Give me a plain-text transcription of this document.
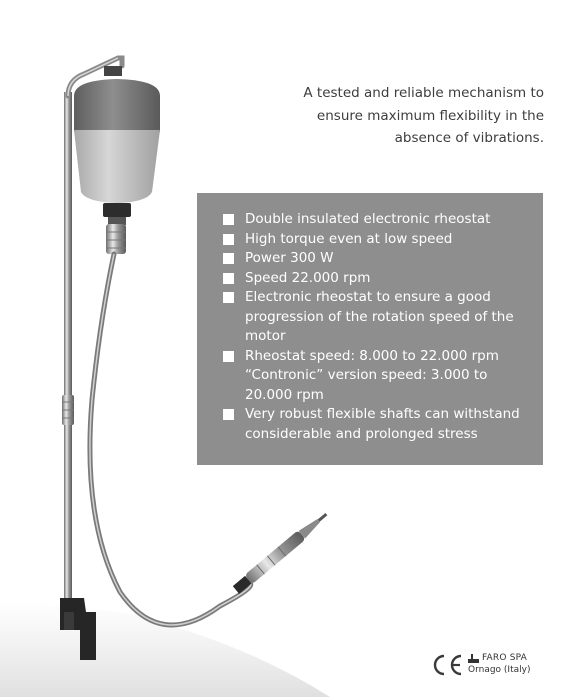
A tested and reliable mechanism to
ensure maximum flexibility in the
absence of vibrations.
Double insulated electronic rheostat
High torque even at low speed
Power 300 W
Speed 22.000 rpm
Electronic rheostat to ensure a good
progression of the rotation speed of the
motor
Rheostat speed: 8.000 to 22.000 rpm
“Contronic” version speed: 3.000 to
20.000 rpm
Very robust flexible shafts can withstand
considerable and prolonged stress
FARO SPA
Ornago (Italy)
